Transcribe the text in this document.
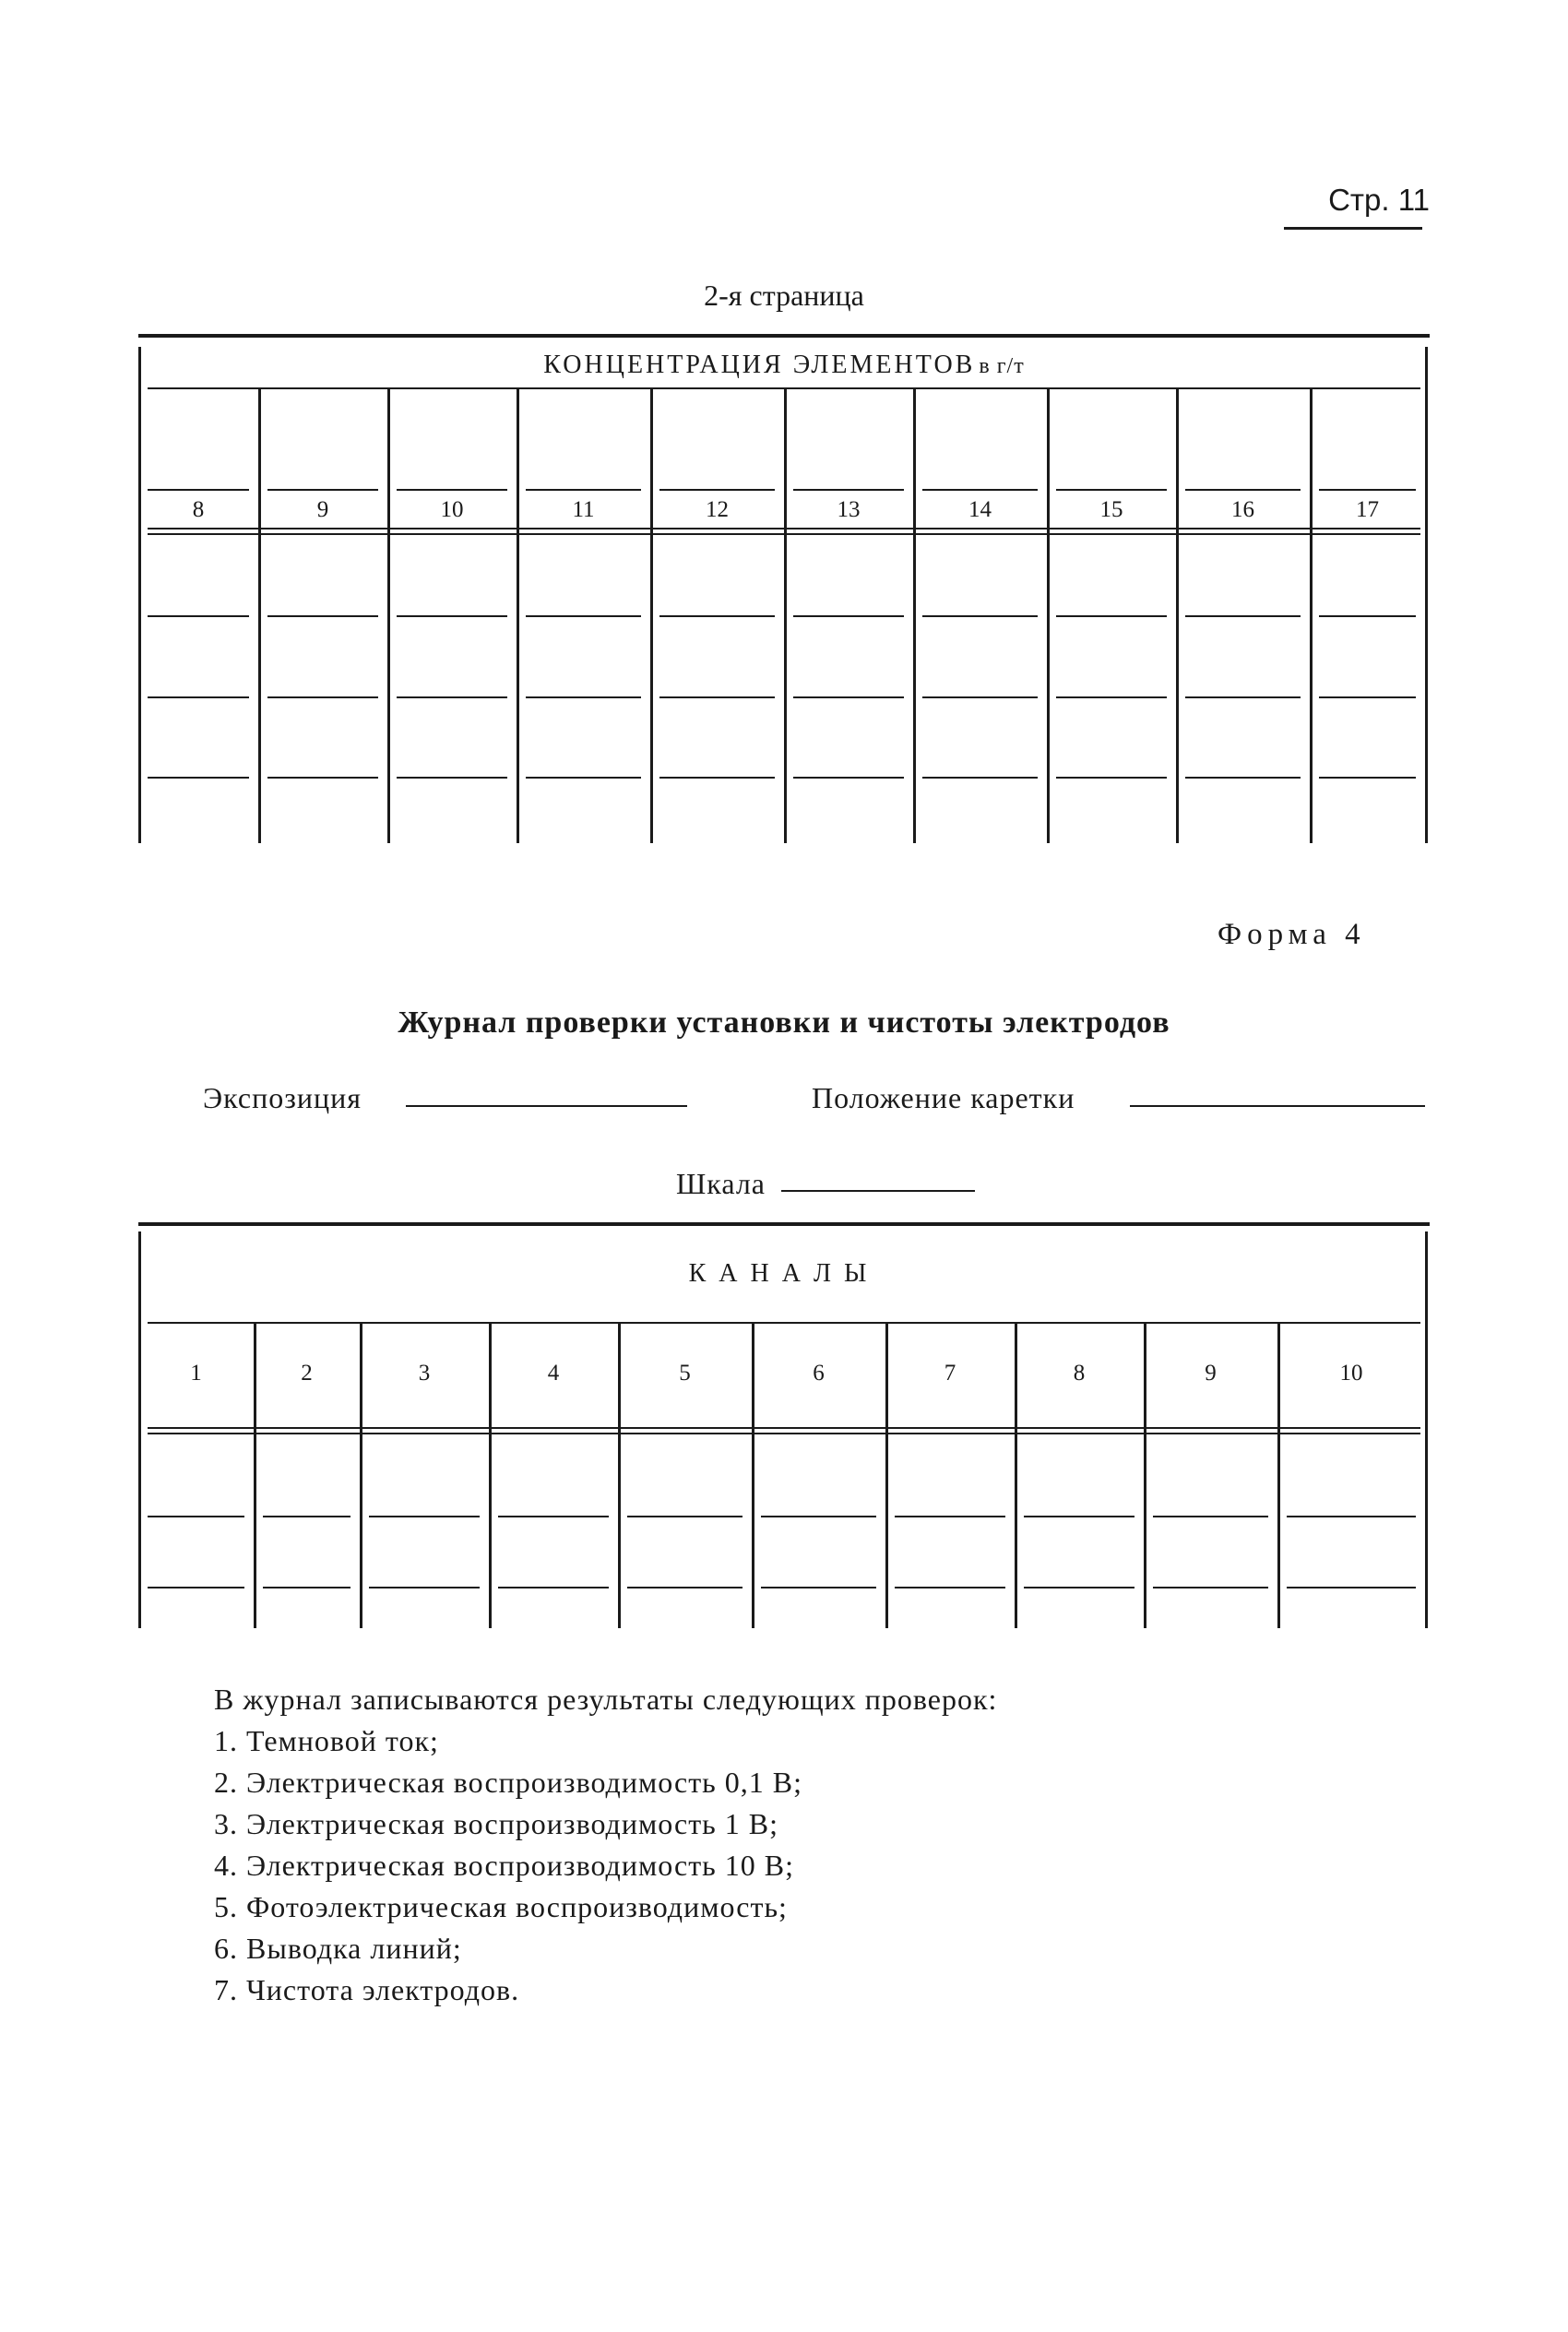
Стр. 11
2-я страница
КОНЦЕНТРАЦИЯ ЭЛЕМЕНТОВ в г/т
8	9	10	11	12	13	14	15	16	17
Форма 4
Журнал проверки установки и чистоты электродов
Экспозиция	Положение каретки
Шкала
КАНАЛЫ
1	2	3	4	5	6	7	8	9	10
В журнал записываются результаты следующих проверок:
1. Темновой ток;
2. Электрическая воспроизводимость 0,1 В;
3. Электрическая воспроизводимость 1 В;
4. Электрическая воспроизводимость 10 В;
5. Фотоэлектрическая воспроизводимость;
6. Выводка линий;
7. Чистота электродов.
